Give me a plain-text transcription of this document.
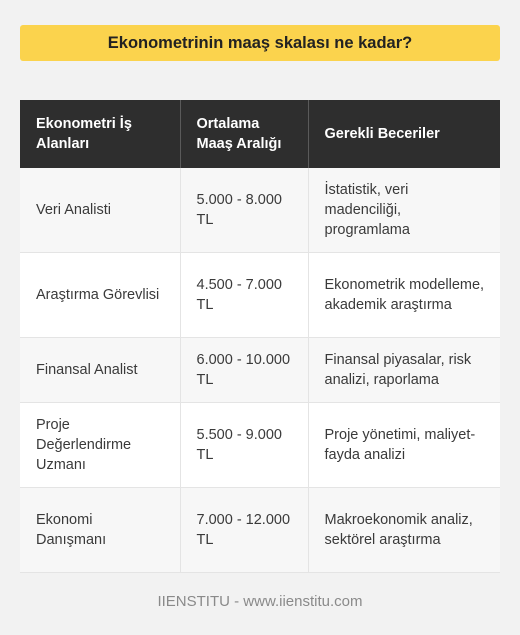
Ekonometrinin maaş skalası ne kadar?
Ekonometri İş Alanları	Ortalama Maaş Aralığı	Gerekli Beceriler
Veri Analisti	5.000 - 8.000 TL	İstatistik, veri madenciliği, programlama
Araştırma Görevlisi	4.500 - 7.000 TL	Ekonometrik modelleme, akademik araştırma
Finansal Analist	6.000 - 10.000 TL	Finansal piyasalar, risk analizi, raporlama
Proje Değerlendirme Uzmanı	5.500 - 9.000 TL	Proje yönetimi, maliyet-fayda analizi
Ekonomi Danışmanı	7.000 - 12.000 TL	Makroekonomik analiz, sektörel araştırma
IIENSTITU - www.iienstitu.com
